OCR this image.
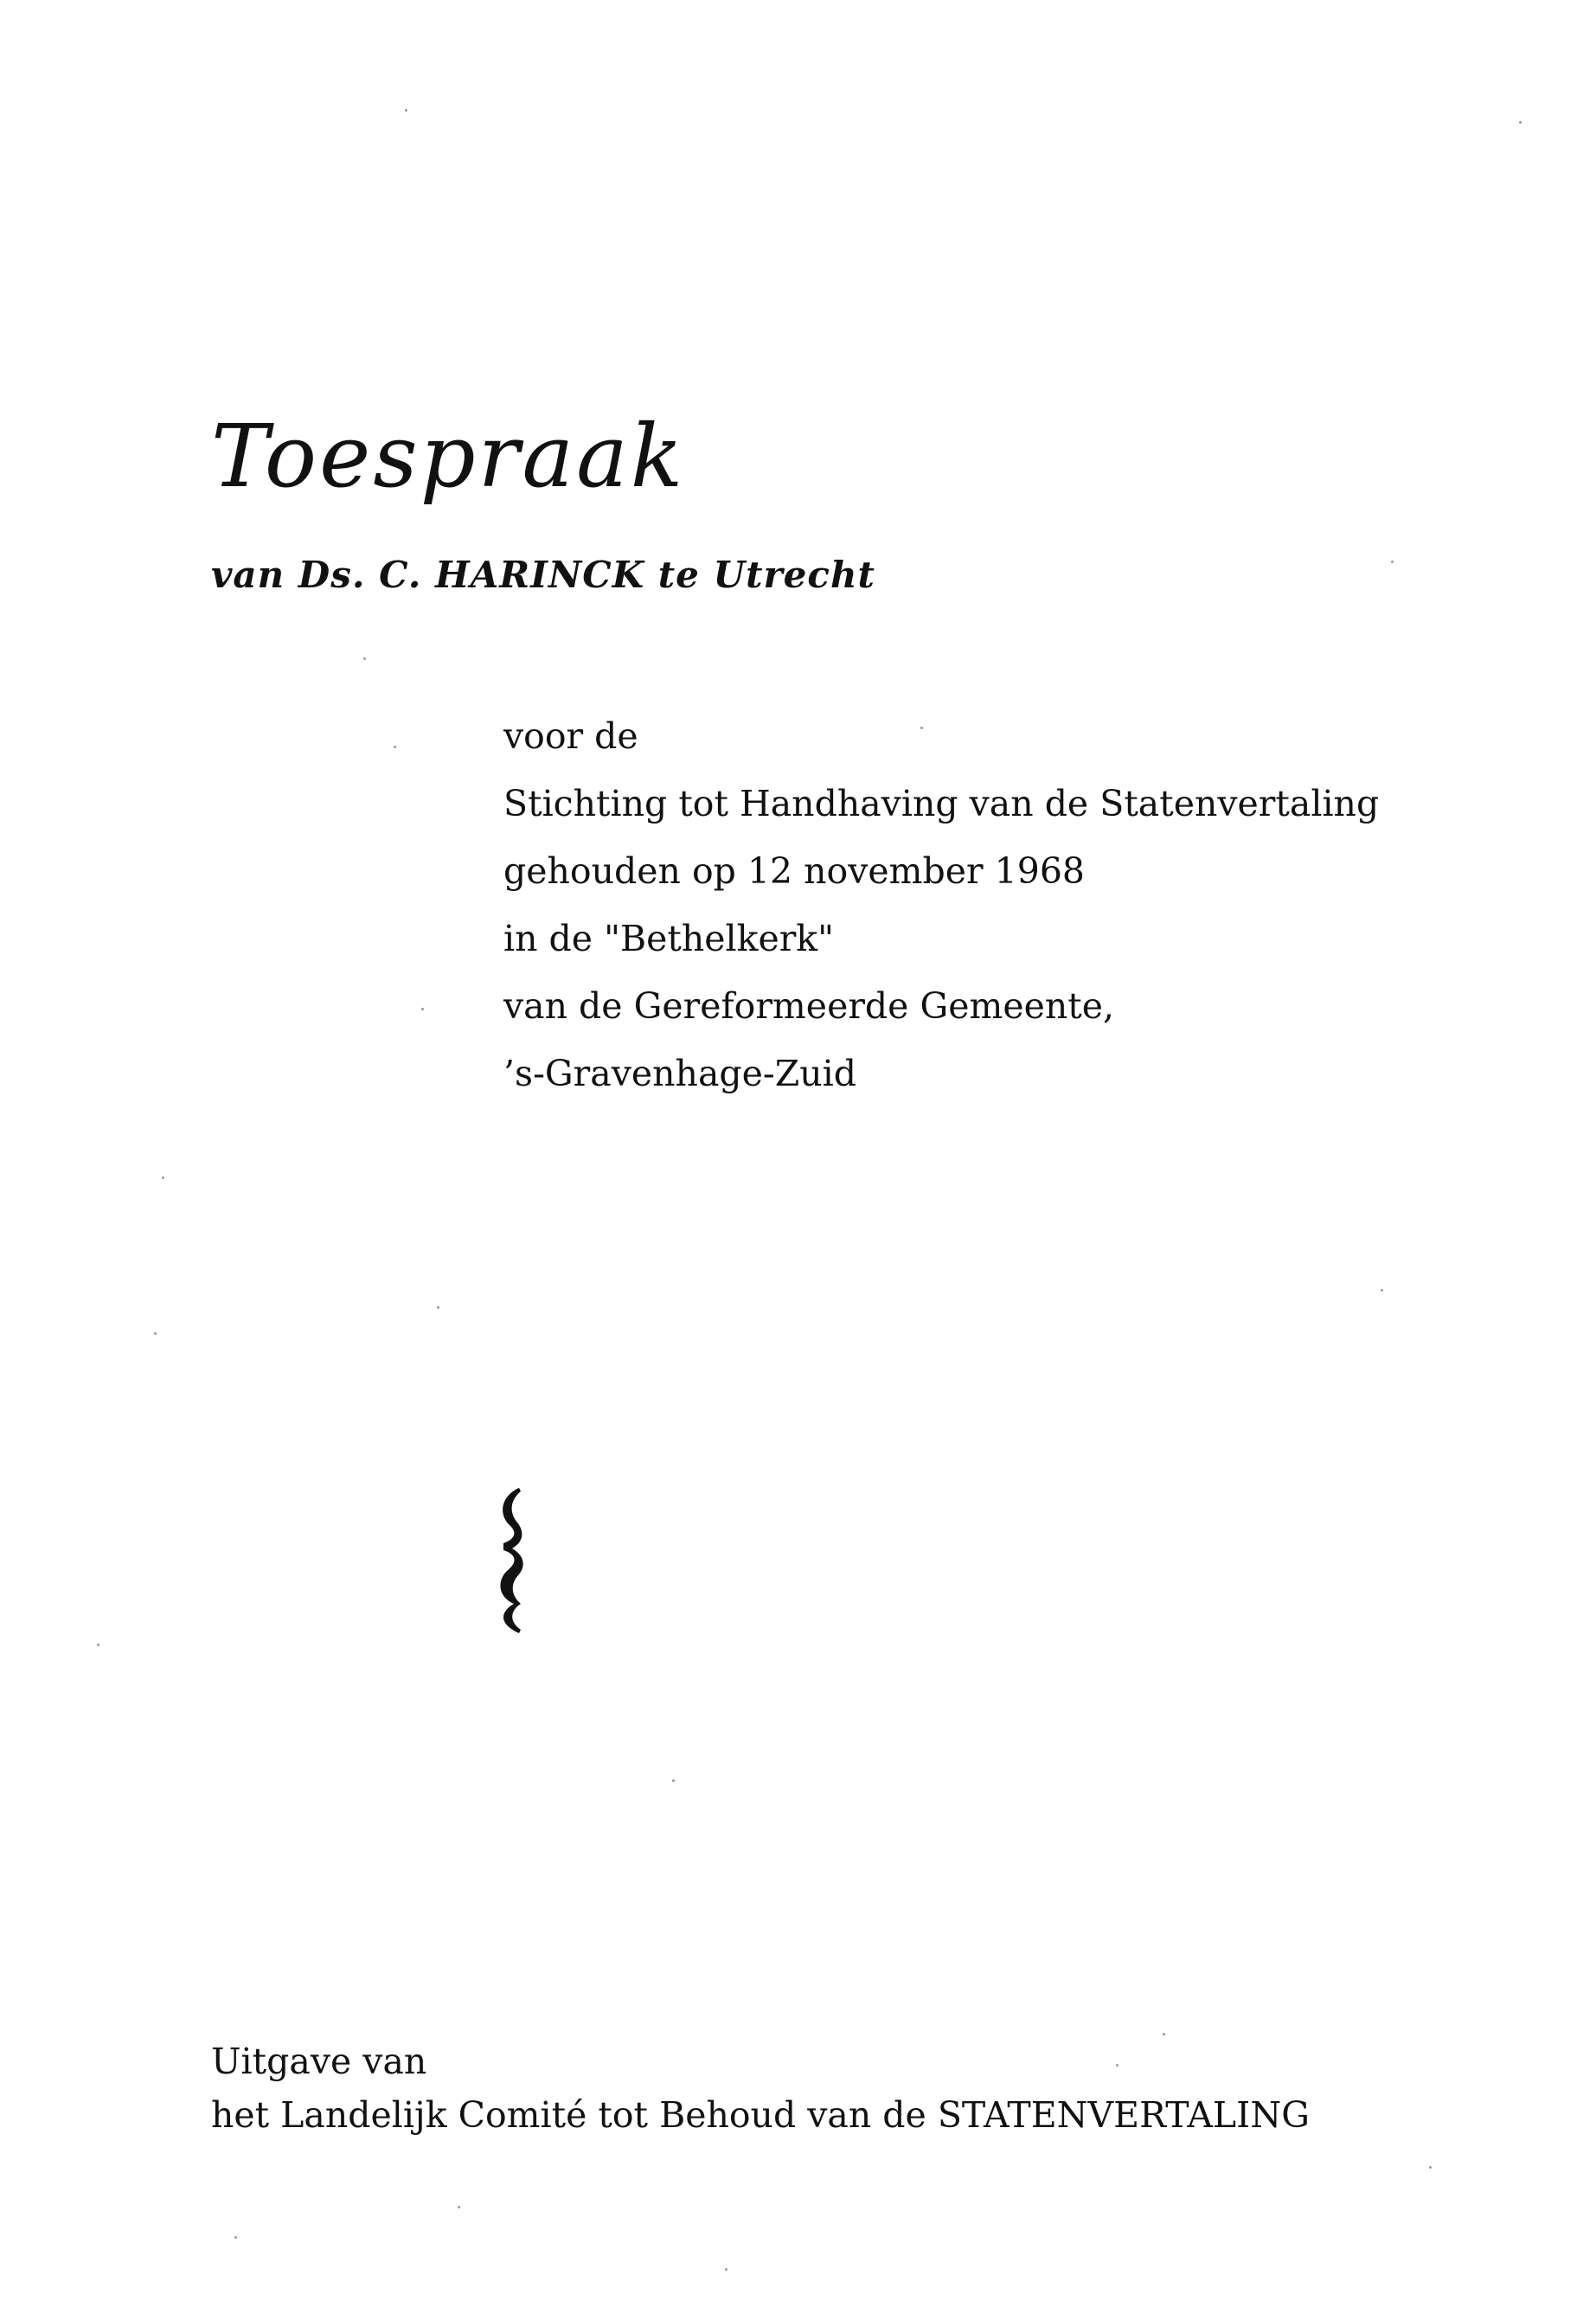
Toespraak
van Ds. C. HARINCK te Utrecht
voor de
Stichting tot Handhaving van de Statenvertaling
gehouden op 12 november 1968
in de "Bethelkerk"
van de Gereformeerde Gemeente,
’s-Gravenhage-Zuid
Uitgave van
het Landelijk Comité tot Behoud van de STATENVERTALING
